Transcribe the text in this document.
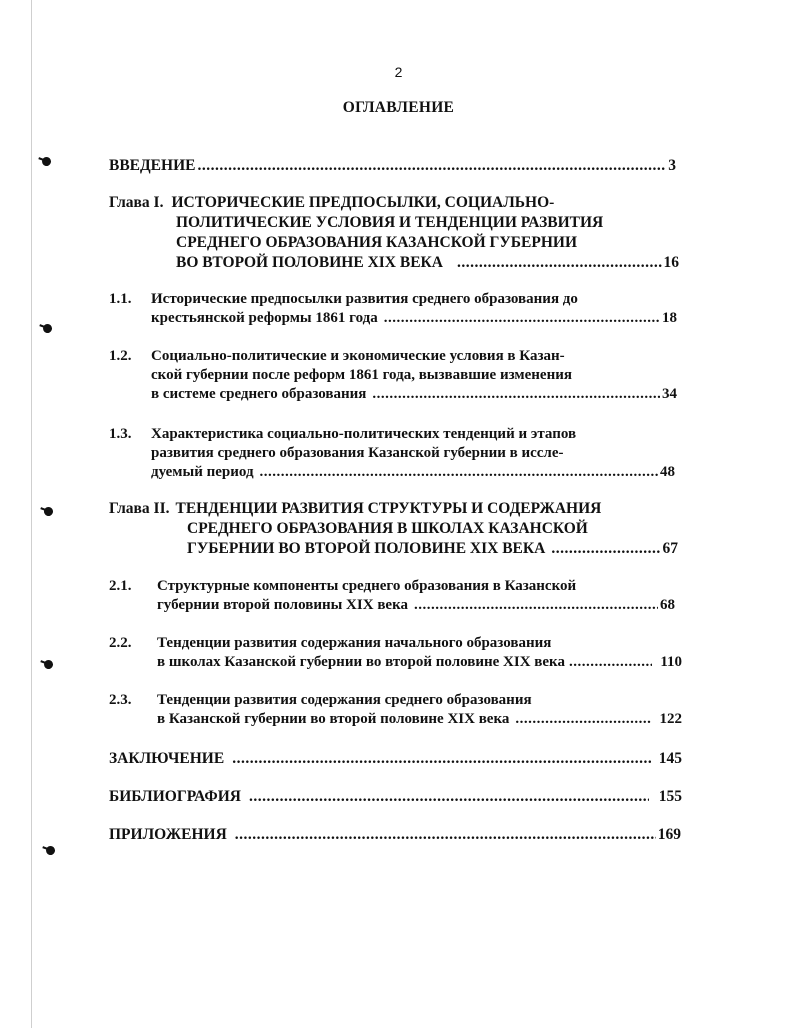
2
ОГЛАВЛЕНИЕ
ВВЕДЕНИЕ .....	3
Глава I. ИСТОРИЧЕСКИЕ ПРЕДПОСЫЛКИ, СОЦИАЛЬНО-
ПОЛИТИЧЕСКИЕ УСЛОВИЯ И ТЕНДЕНЦИИ РАЗВИТИЯ
СРЕДНЕГО ОБРАЗОВАНИЯ КАЗАНСКОЙ ГУБЕРНИИ
ВО ВТОРОЙ ПОЛОВИНЕ XIX ВЕКА .....	16
1.1. Исторические предпосылки развития среднего образования до
крестьянской реформы 1861 года .....	18
1.2. Социально-политические и экономические условия в Казан-
ской губернии после реформ 1861 года, вызвавшие изменения
в системе среднего образования .....	34
1.3. Характеристика социально-политических тенденций и этапов
развития среднего образования Казанской губернии в иссле-
дуемый период .....	48
Глава II. ТЕНДЕНЦИИ РАЗВИТИЯ СТРУКТУРЫ И СОДЕРЖАНИЯ
СРЕДНЕГО ОБРАЗОВАНИЯ В ШКОЛАХ КАЗАНСКОЙ
ГУБЕРНИИ ВО ВТОРОЙ ПОЛОВИНЕ XIX ВЕКА .....	67
2.1. Структурные компоненты среднего образования в Казанской
губернии второй половины XIX века .....	68
2.2. Тенденции развития содержания начального образования
в школах Казанской губернии во второй половине XIX века .....	110
2.3. Тенденции развития содержания среднего образования
в Казанской губернии во второй половине XIX века .....	122
ЗАКЛЮЧЕНИЕ .....	145
БИБЛИОГРАФИЯ .....	155
ПРИЛОЖЕНИЯ .....	169
